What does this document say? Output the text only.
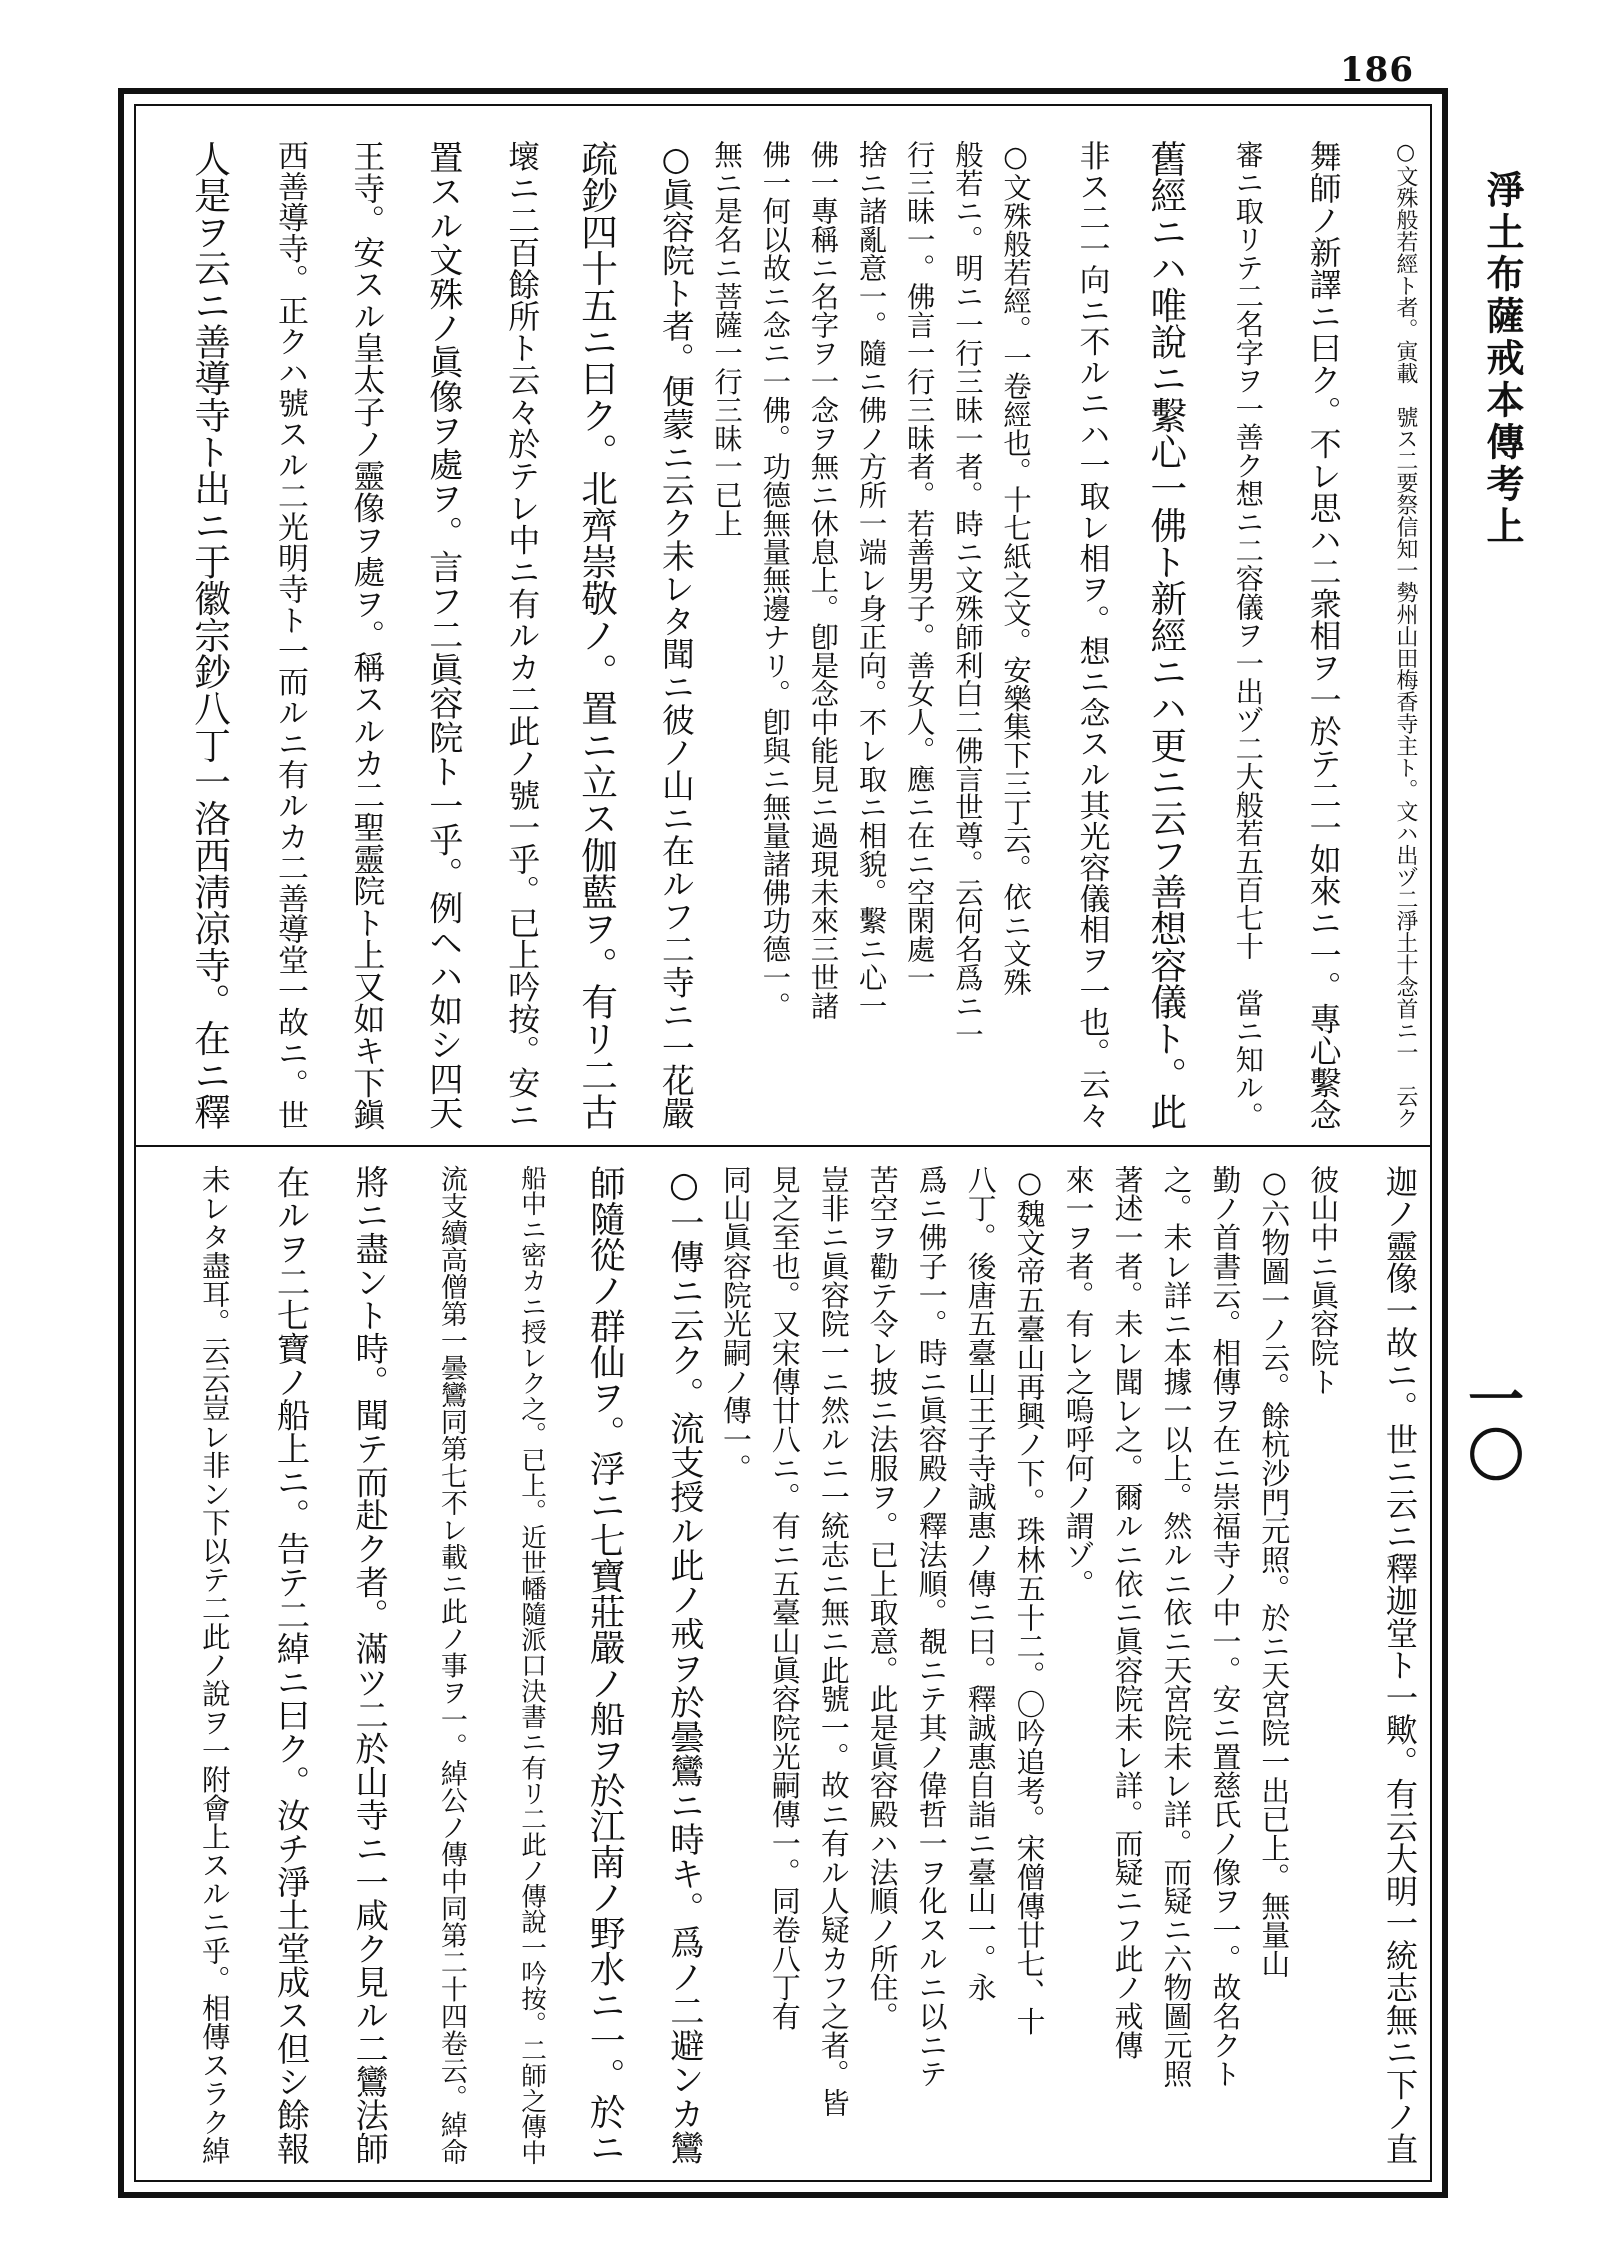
186
淨土布薩戒本傳考上
一〇
○文殊般若經ト者。寅載　號ス二要祭信知一勢州山田梅香寺主ト。文ハ出ヅ二淨土十念首ニ一　云ク
舞師ノ新譯ニ曰ク。不レ思ハ二衆相ヲ一於テ二一如來ニ一。專心繫念
審ニ取リテ二名字ヲ一善ク想ニ二容儀ヲ一出ヅ二大般若五百七十　當ニ知ル。
舊經ニハ唯說ニ繫心一佛ト新經ニハ更ニ云フ善想容儀ト。此
非ス二一向ニ不ルニハ一取レ相ヲ。想ニ念スル其光容儀相ヲ一也。云々
○文殊般若經。一卷經也。十七紙之文。安樂集下三丁云。依ニ文殊
般若ニ。明ニ一行三昧一者。時ニ文殊師利白二佛言世尊。云何名爲ニ一
行三昧一。佛言一行三昧者。若善男子。善女人。應ニ在ニ空閑處一
捨ニ諸亂意一。隨ニ佛ノ方所一端レ身正向。不レ取ニ相貌。繫ニ心一
佛一專稱ニ名字ヲ一念ヲ無ニ休息上。卽是念中能見ニ過現未來三世諸
佛一何以故ニ念ニ一佛。功德無量無邊ナリ。卽與ニ無量諸佛功德一。
無ニ是名ニ菩薩一行三昧一已上
○眞容院ト者。便蒙ニ云ク未レタ聞ニ彼ノ山ニ在ルフ二寺ニ一花嚴
疏鈔四十五ニ曰ク。北齊崇敬ノ。置ニ立ス伽藍ヲ。有リ二古
壞ニ二百餘所ト云々於テレ中ニ有ルカ二此ノ號一乎。已上吟按。安ニ
置スル文殊ノ眞像ヲ處ヲ。言フ二眞容院ト一乎。例ヘハ如シ四天
王寺。安スル皇太子ノ靈像ヲ處ヲ。稱スルカ二聖靈院ト上又如キ下鎭
西善導寺。正クハ號スル二光明寺ト一而ルニ有ルカ二善導堂一故ニ。世
人是ヲ云ニ善導寺ト出ニ于徽宗鈔八丁一洛西淸凉寺。在ニ釋
迦ノ靈像一故ニ。世ニ云ニ釋迦堂ト一歟。有云大明一統志無ニ下ノ直
彼山中ニ眞容院ト
○六物圖一ノ云。餘杭沙門元照。於ニ天宮院一出已上。無量山
勤ノ首書云。相傳ヲ在ニ崇福寺ノ中一。安ニ置慈氏ノ像ヲ一。故名クト
之。未レ詳ニ本據一以上。然ルニ依ニ天宮院未レ詳。而疑ニ六物圖元照
著述一者。未レ聞レ之。爾ルニ依ニ眞容院未レ詳。而疑ニフ此ノ戒傳
來一ヲ者。有レ之嗚呼何ノ謂ゾ。
○魏文帝五臺山再興ノ下。珠林五十二。〇吟追考。宋僧傳廿七、十
八丁。後唐五臺山王子寺誠惠ノ傳ニ曰。釋誠惠自詣ニ臺山一。永
爲ニ佛子一。時ニ眞容殿ノ釋法順。覩ニテ其ノ偉哲一ヲ化スルニ以ニテ
苦空ヲ勸テ令レ披ニ法服ヲ。已上取意。此是眞容殿ハ法順ノ所住。
豈非ニ眞容院一ニ然ルニ一統志ニ無ニ此號一。故ニ有ル人疑カフ之者。皆
見之至也。又宋傳廿八ニ。有ニ五臺山眞容院光嗣傳一。同卷八丁有
同山眞容院光嗣ノ傳一。
○一傳ニ云ク。流支授ル此ノ戒ヲ於曇鸞ニ時キ。爲ノ二避ンカ鸞
師隨從ノ群仙ヲ。浮ニ七寶莊嚴ノ船ヲ於江南ノ野水ニ一。於ニ
船中ニ密カニ授レク之。已上。近世幡隨派口決書ニ有リ二此ノ傳說一吟按。二師之傳中
流支續高僧第一曇鸞同第七不レ載ニ此ノ事ヲ一。綽公ノ傳中同第二十四卷云。綽命
將ニ盡ント時。聞テ而赴ク者。滿ツ二於山寺ニ一咸ク見ル二鸞法師
在ルヲ二七寶ノ船上ニ。告テ二綽ニ曰ク。汝チ淨土堂成ス但シ餘報
未レタ盡耳。云云豈レ非ン下以テ二此ノ說ヲ一附會上スルニ乎。相傳スラク綽
